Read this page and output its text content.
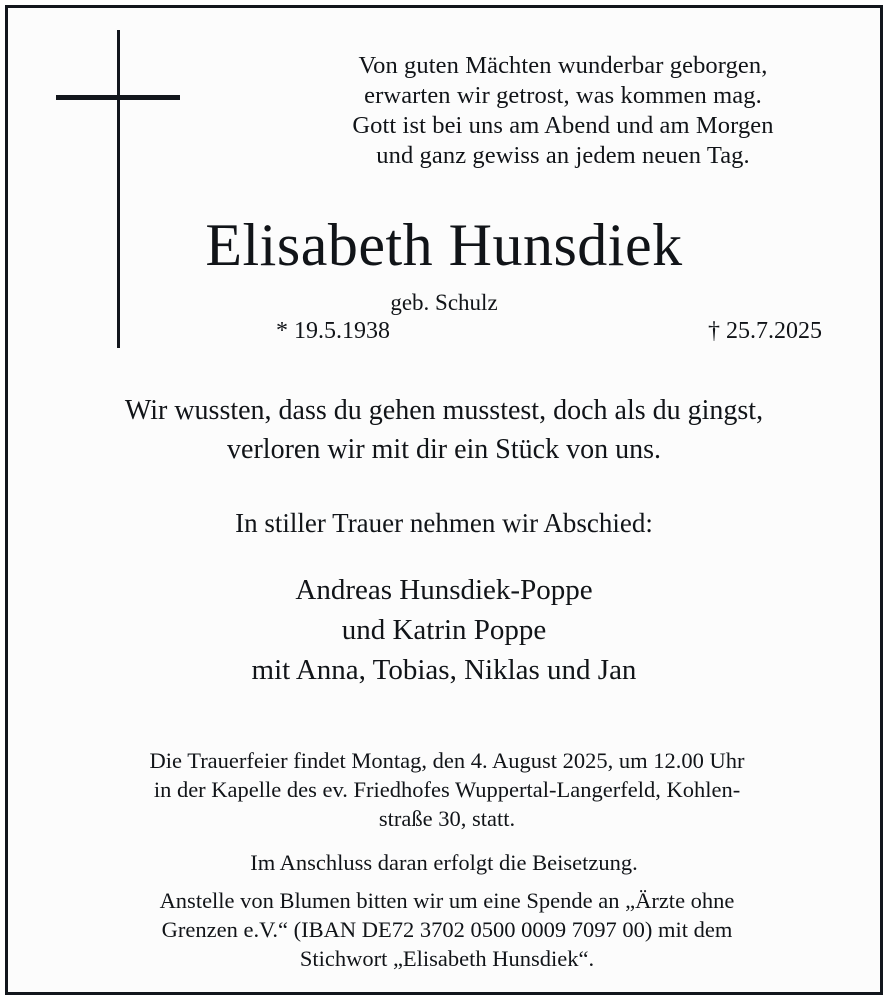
Von guten Mächten wunderbar geborgen,
erwarten wir getrost, was kommen mag.
Gott ist bei uns am Abend und am Morgen
und ganz gewiss an jedem neuen Tag.
Elisabeth Hunsdiek
geb. Schulz
* 19.5.1938	† 25.7.2025
Wir wussten, dass du gehen musstest, doch als du gingst,
verloren wir mit dir ein Stück von uns.
In stiller Trauer nehmen wir Abschied:
Andreas Hunsdiek-Poppe
und Katrin Poppe
mit Anna, Tobias, Niklas und Jan
Die Trauerfeier findet Montag, den 4. August 2025, um 12.00 Uhr
in der Kapelle des ev. Friedhofes Wuppertal-Langerfeld, Kohlen-
straße 30, statt.
Im Anschluss daran erfolgt die Beisetzung.
Anstelle von Blumen bitten wir um eine Spende an „Ärzte ohne
Grenzen e.V.“ (IBAN DE72 3702 0500 0009 7097 00) mit dem
Stichwort „Elisabeth Hunsdiek“.
